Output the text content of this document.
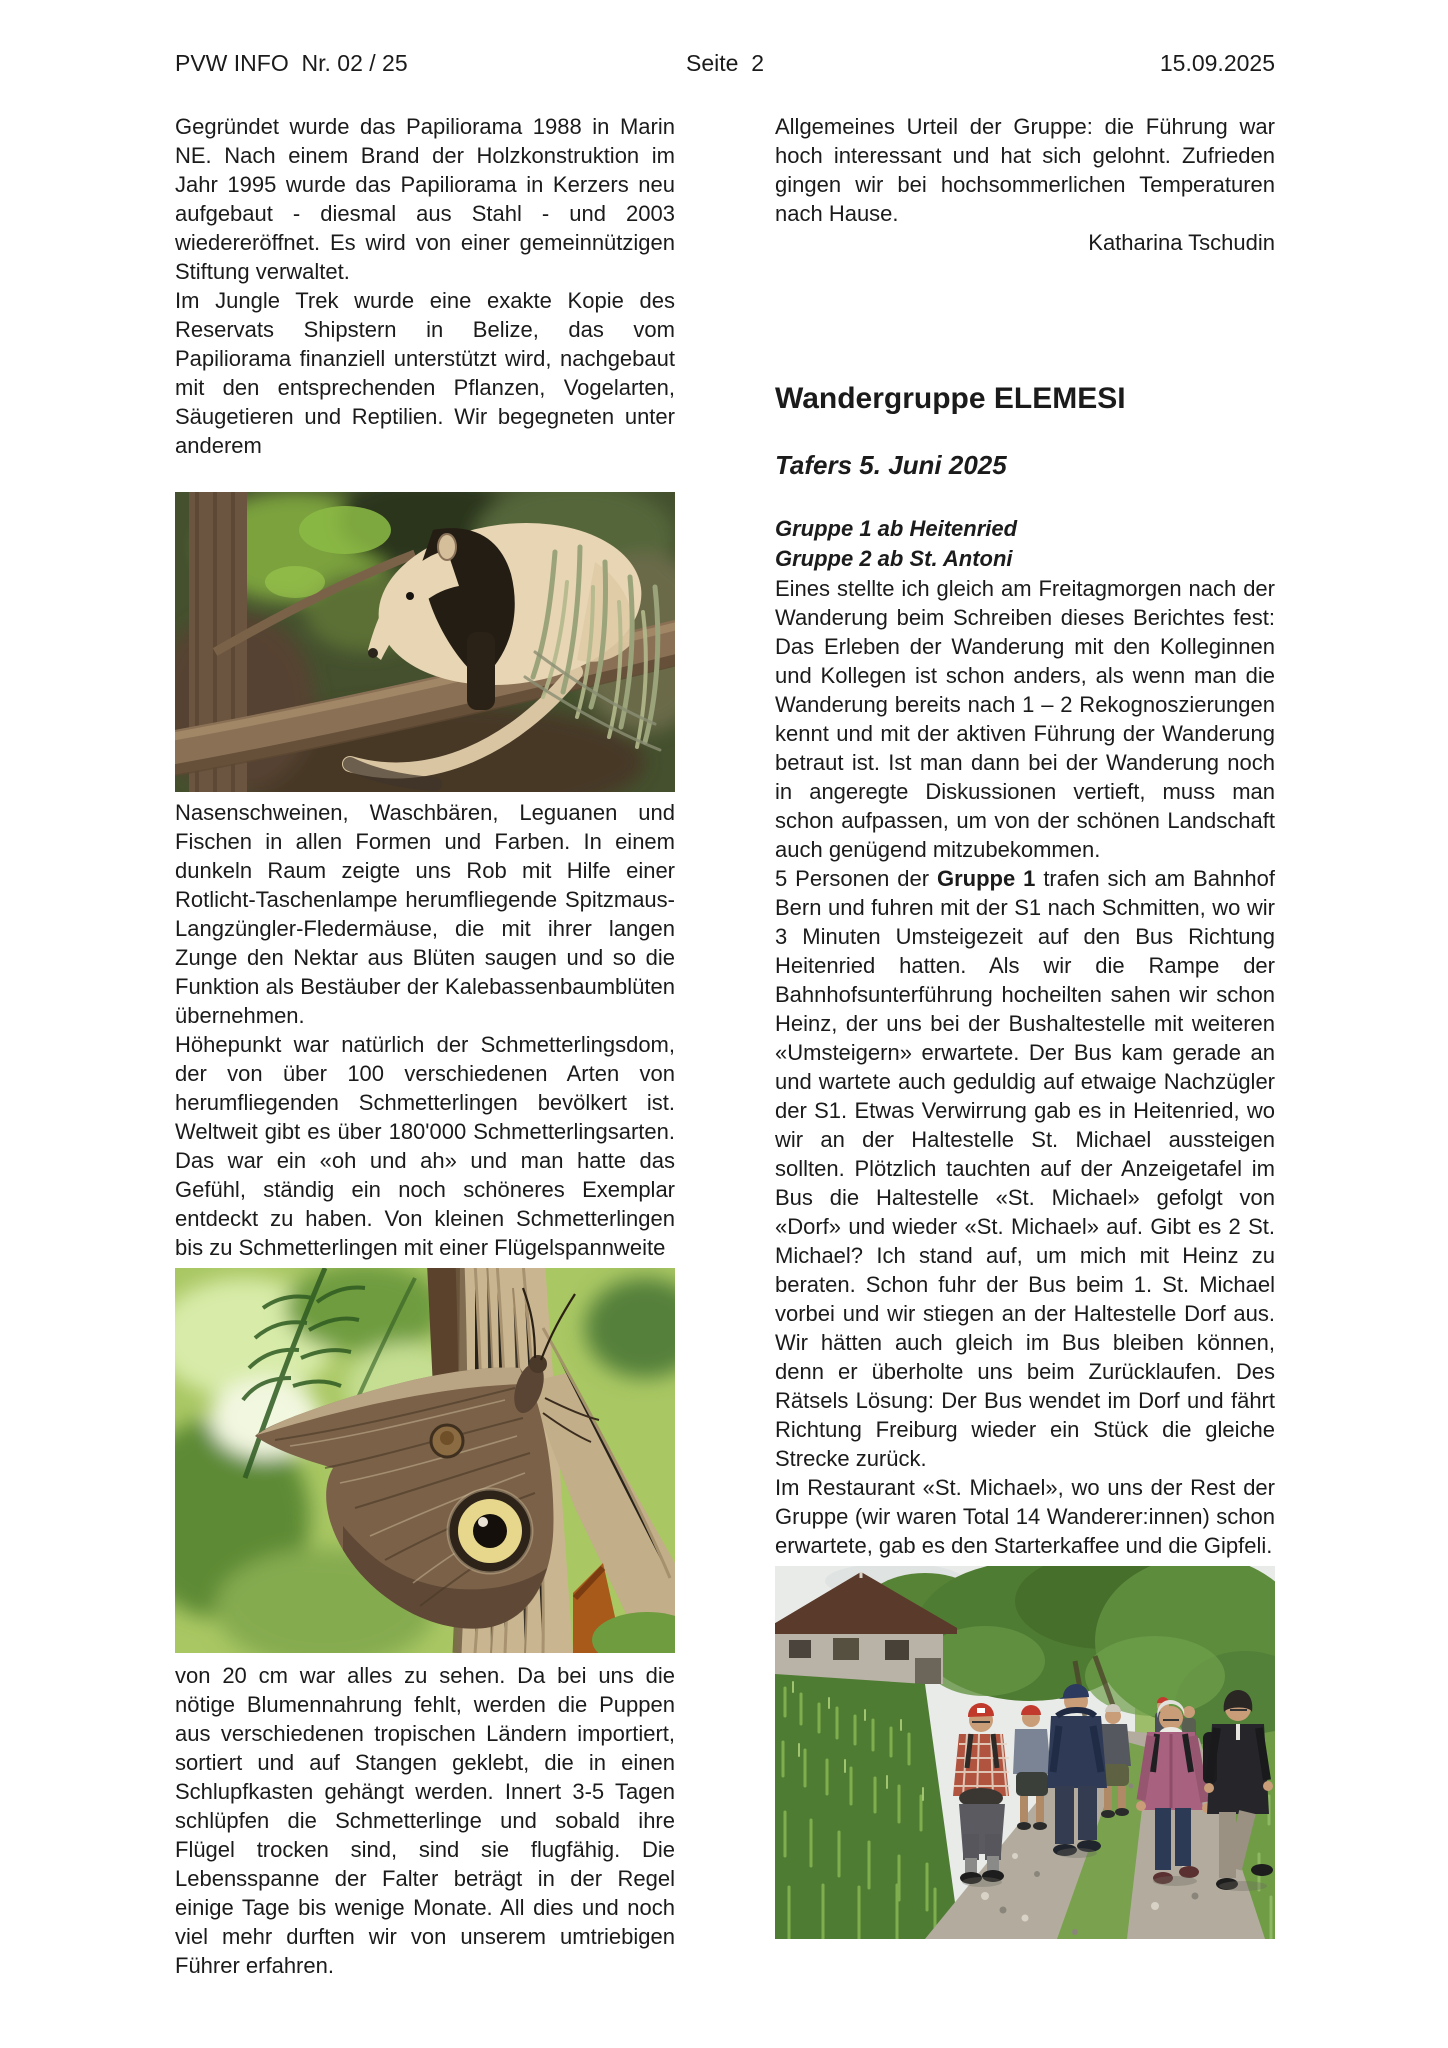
PVW INFO  Nr. 02 / 25	Seite  2	15.09.2025

Gegründet wurde das Papiliorama 1988 in Marin NE. Nach einem Brand der Holzkonstruktion im Jahr 1995 wurde das Papiliorama in Kerzers neu aufgebaut - diesmal aus Stahl - und 2003 wiedereröffnet. Es wird von einer gemeinnützigen Stiftung verwaltet.

Im Jungle Trek wurde eine exakte Kopie des Reservats Shipstern in Belize, das vom Papiliorama finanziell unterstützt wird, nachgebaut mit den entsprechenden Pflanzen, Vogelarten, Säugetieren und Reptilien. Wir begegneten unter anderem

Nasenschweinen, Waschbären, Leguanen und Fischen in allen Formen und Farben. In einem dunkeln Raum zeigte uns Rob mit Hilfe einer Rotlicht-Taschenlampe herumfliegende Spitzmaus-Langzüngler-Fledermäuse, die mit ihrer langen Zunge den Nektar aus Blüten saugen und so die Funktion als Bestäuber der Kalebassenbaumblüten übernehmen.

Höhepunkt war natürlich der Schmetterlingsdom, der von über 100 verschiedenen Arten von herumfliegenden Schmetterlingen bevölkert ist. Weltweit gibt es über 180'000 Schmetterlingsarten. Das war ein «oh und ah» und man hatte das Gefühl, ständig ein noch schöneres Exemplar entdeckt zu haben. Von kleinen Schmetterlingen bis zu Schmetterlingen mit einer Flügelspannweite

von 20 cm war alles zu sehen. Da bei uns die nötige Blumennahrung fehlt, werden die Puppen aus verschiedenen tropischen Ländern importiert, sortiert und auf Stangen geklebt, die in einen Schlupfkasten gehängt werden. Innert 3-5 Tagen schlüpfen die Schmetterlinge und sobald ihre Flügel trocken sind, sind sie flugfähig. Die Lebensspanne der Falter beträgt in der Regel einige Tage bis wenige Monate. All dies und noch viel mehr durften wir von unserem umtriebigen Führer erfahren.

Allgemeines Urteil der Gruppe: die Führung war hoch interessant und hat sich gelohnt. Zufrieden gingen wir bei hochsommerlichen Temperaturen nach Hause.

Katharina Tschudin

Wandergruppe ELEMESI
Tafers 5. Juni 2025
Gruppe 1 ab Heitenried
Gruppe 2 ab St. Antoni

Eines stellte ich gleich am Freitagmorgen nach der Wanderung beim Schreiben dieses Berichtes fest: Das Erleben der Wanderung mit den Kolleginnen und Kollegen ist schon anders, als wenn man die Wanderung bereits nach 1 – 2 Rekognoszierungen kennt und mit der aktiven Führung der Wanderung betraut ist. Ist man dann bei der Wanderung noch in angeregte Diskussionen vertieft, muss man schon aufpassen, um von der schönen Landschaft auch genügend mitzubekommen.

5 Personen der Gruppe 1 trafen sich am Bahnhof Bern und fuhren mit der S1 nach Schmitten, wo wir 3 Minuten Umsteigezeit auf den Bus Richtung Heitenried hatten. Als wir die Rampe der Bahnhofsunterführung hocheilten sahen wir schon Heinz, der uns bei der Bushaltestelle mit weiteren «Umsteigern» erwartete. Der Bus kam gerade an und wartete auch geduldig auf etwaige Nachzügler der S1. Etwas Verwirrung gab es in Heitenried, wo wir an der Haltestelle St. Michael aussteigen sollten. Plötzlich tauchten auf der Anzeigetafel im Bus die Haltestelle «St. Michael» gefolgt von «Dorf» und wieder «St. Michael» auf. Gibt es 2 St. Michael? Ich stand auf, um mich mit Heinz zu beraten. Schon fuhr der Bus beim 1. St. Michael vorbei und wir stiegen an der Haltestelle Dorf aus. Wir hätten auch gleich im Bus bleiben können, denn er überholte uns beim Zurücklaufen. Des Rätsels Lösung: Der Bus wendet im Dorf und fährt Richtung Freiburg wieder ein Stück die gleiche Strecke zurück.

Im Restaurant «St. Michael», wo uns der Rest der Gruppe (wir waren Total 14 Wanderer:innen) schon erwartete, gab es den Starterkaffee und die Gipfeli.
